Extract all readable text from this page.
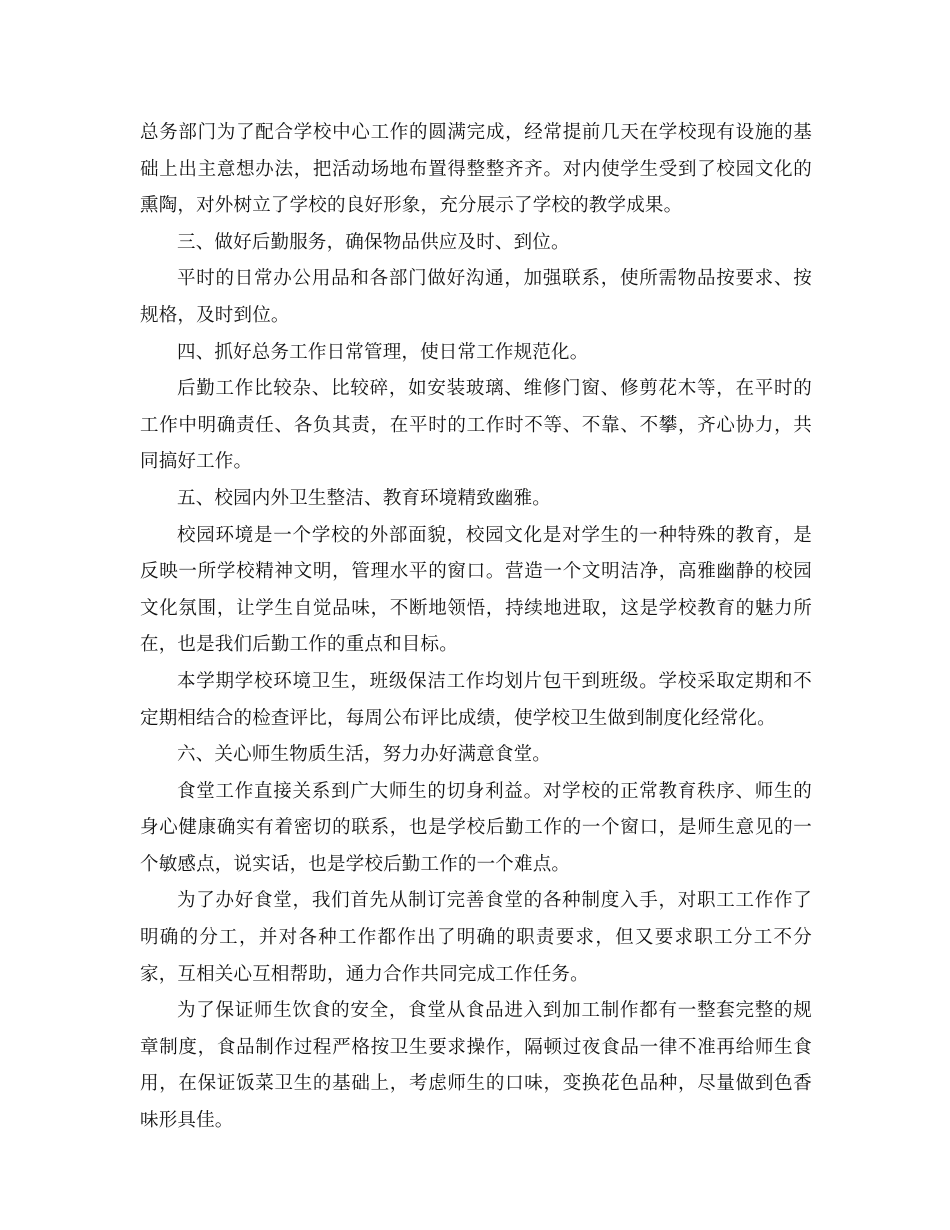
总务部门为了配合学校中心工作的圆满完成，经常提前几天在学校现有设施的基础上出主意想办法，把活动场地布置得整整齐齐。对内使学生受到了校园文化的熏陶，对外树立了学校的良好形象，充分展示了学校的教学成果。

三、做好后勤服务，确保物品供应及时、到位。

平时的日常办公用品和各部门做好沟通，加强联系，使所需物品按要求、按规格，及时到位。

四、抓好总务工作日常管理，使日常工作规范化。

后勤工作比较杂、比较碎，如安装玻璃、维修门窗、修剪花木等，在平时的工作中明确责任、各负其责，在平时的工作时不等、不靠、不攀，齐心协力，共同搞好工作。

五、校园内外卫生整洁、教育环境精致幽雅。

校园环境是一个学校的外部面貌，校园文化是对学生的一种特殊的教育，是反映一所学校精神文明，管理水平的窗口。营造一个文明洁净，高雅幽静的校园文化氛围，让学生自觉品味，不断地领悟，持续地进取，这是学校教育的魅力所在，也是我们后勤工作的重点和目标。

本学期学校环境卫生，班级保洁工作均划片包干到班级。学校采取定期和不定期相结合的检查评比，每周公布评比成绩，使学校卫生做到制度化经常化。

六、关心师生物质生活，努力办好满意食堂。

食堂工作直接关系到广大师生的切身利益。对学校的正常教育秩序、师生的身心健康确实有着密切的联系，也是学校后勤工作的一个窗口，是师生意见的一个敏感点，说实话，也是学校后勤工作的一个难点。

为了办好食堂，我们首先从制订完善食堂的各种制度入手，对职工工作作了明确的分工，并对各种工作都作出了明确的职责要求，但又要求职工分工不分家，互相关心互相帮助，通力合作共同完成工作任务。

为了保证师生饮食的安全，食堂从食品进入到加工制作都有一整套完整的规章制度，食品制作过程严格按卫生要求操作，隔顿过夜食品一律不准再给师生食用，在保证饭菜卫生的基础上，考虑师生的口味，变换花色品种，尽量做到色香味形具佳。
